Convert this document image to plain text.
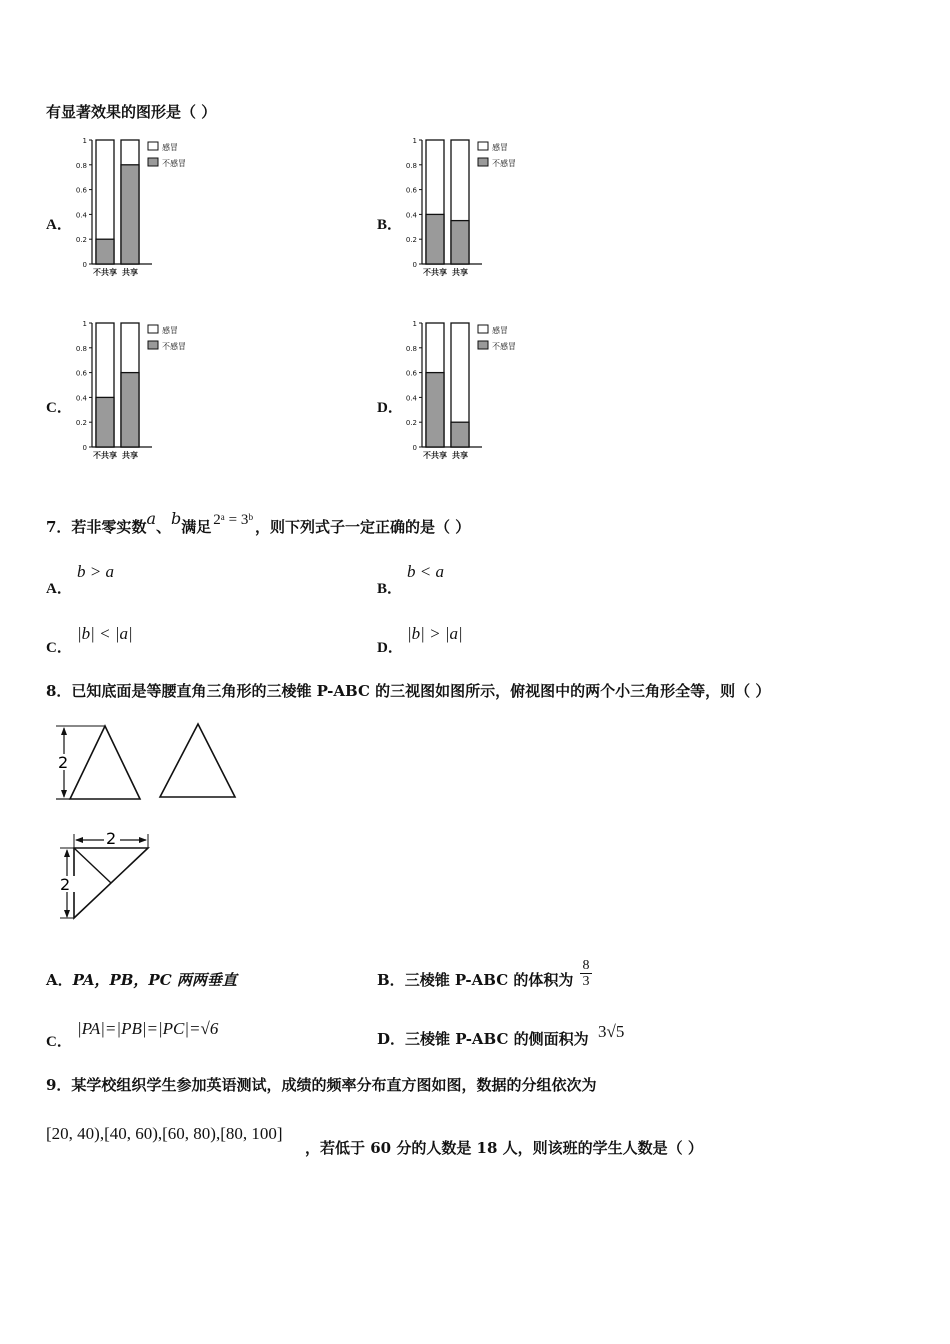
有显著效果的图形是（ ）
A．	B．
C．	D．
1
0.8
0.6
0.4
0.2
0
不共享 共享
感冒
不感冒
1
0.8
0.6
0.4
0.2
0
不共享 共享
感冒
不感冒
1
0.8
0.6
0.4
0.2
0
不共享 共享
感冒
不感冒
1
0.8
0.6
0.4
0.2
0
不共享 共享
感冒
不感冒
7．若非零实数a、b满足 2ᵃ = 3ᵇ ，则下列式子一定正确的是（ ）
A．
b > a
B．
b < a
C．
|b| < |a|
D．
|b| > |a|
8．已知底面是等腰直角三角形的三棱锥 P-ABC 的三视图如图所示，俯视图中的两个小三角形全等，则（ ）
2
2
2
A．PA，PB，PC 两两垂直	B．三棱锥 P-ABC 的体积为
8
3
C．
|PA|=|PB|=|PC|=√6
D．三棱锥 P-ABC 的侧面积为 3√5
9．某学校组织学生参加英语测试，成绩的频率分布直方图如图，数据的分组依次为
[20, 40),[40, 60),[60, 80),[80, 100]
，若低于 60 分的人数是 18 人，则该班的学生人数是（ ）
